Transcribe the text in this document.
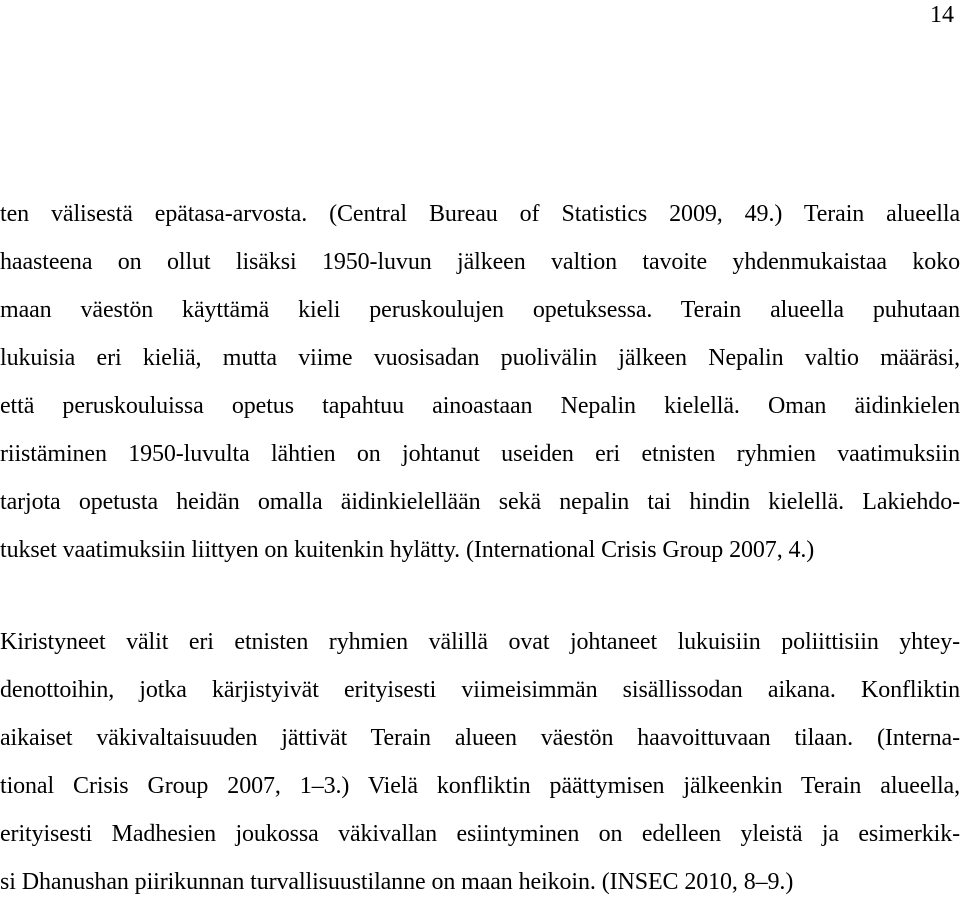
14
ten välisestä epätasa-arvosta. (Central Bureau of Statistics 2009, 49.) Terain alueella
haasteena on ollut lisäksi 1950-luvun jälkeen valtion tavoite yhdenmukaistaa koko
maan väestön käyttämä kieli peruskoulujen opetuksessa. Terain alueella puhutaan
lukuisia eri kieliä, mutta viime vuosisadan puolivälin jälkeen Nepalin valtio määräsi,
että peruskouluissa opetus tapahtuu ainoastaan Nepalin kielellä. Oman äidinkielen
riistäminen 1950-luvulta lähtien on johtanut useiden eri etnisten ryhmien vaatimuksiin
tarjota opetusta heidän omalla äidinkielellään sekä nepalin tai hindin kielellä. Lakiehdo-
tukset vaatimuksiin liittyen on kuitenkin hylätty. (International Crisis Group 2007, 4.)
Kiristyneet välit eri etnisten ryhmien välillä ovat johtaneet lukuisiin poliittisiin yhtey-
denottoihin, jotka kärjistyivät erityisesti viimeisimmän sisällissodan aikana. Konfliktin
aikaiset väkivaltaisuuden jättivät Terain alueen väestön haavoittuvaan tilaan. (Interna-
tional Crisis Group 2007, 1–3.) Vielä konfliktin päättymisen jälkeenkin Terain alueella,
erityisesti Madhesien joukossa väkivallan esiintyminen on edelleen yleistä ja esimerkik-
si Dhanushan piirikunnan turvallisuustilanne on maan heikoin. (INSEC 2010, 8–9.)
